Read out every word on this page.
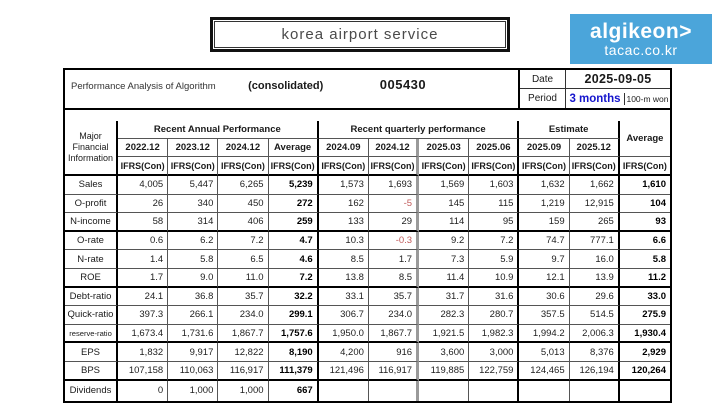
korea airport service	algikeon>
tacac.co.kr
Performance Analysis of Algorithm	(consolidated)	005430	Date	2025-09-05
Period	3 months 100-m won
Major
Financial
Information
Recent Annual Performance	Recent quarterly performance	Estimate
Average
2022.12	2023.12	2024.12	Average	2024.09	2024.12	2025.03	2025.06	2025.09	2025.12
IFRS(Con) IFRS(Con) IFRS(Con) IFRS(Con) IFRS(Con) IFRS(Con) IFRS(Con) IFRS(Con) IFRS(Con) IFRS(Con) IFRS(Con)
Sales	4,005	5,447	6,265	5,239	1,573	1,693	1,569	1,603	1,632	1,662	1,610
O-profit	26	340	450	272	162	-5	145	115	1,219	12,915	104
N-income	58	314	406	259	133	29	114	95	159	265	93
O-rate	0.6	6.2	7.2	4.7	10.3	-0.3	9.2	7.2	74.7	777.1	6.6
N-rate	1.4	5.8	6.5	4.6	8.5	1.7	7.3	5.9	9.7	16.0	5.8
ROE	1.7	9.0	11.0	7.2	13.8	8.5	11.4	10.9	12.1	13.9	11.2
Debt-ratio	24.1	36.8	35.7	32.2	33.1	35.7	31.7	31.6	30.6	29.6	33.0
Quick-ratio	397.3	266.1	234.0	299.1	306.7	234.0	282.3	280.7	357.5	514.5	275.9
reserve-ratio	1,673.4	1,731.6	1,867.7	1,757.6	1,950.0	1,867.7	1,921.5	1,982.3	1,994.2	2,006.3	1,930.4
EPS	1,832	9,917	12,822	8,190	4,200	916	3,600	3,000	5,013	8,376	2,929
BPS	107,158	110,063	116,917	111,379	121,496	116,917	119,885	122,759	124,465	126,194	120,264
Dividends	0	1,000	1,000	667
